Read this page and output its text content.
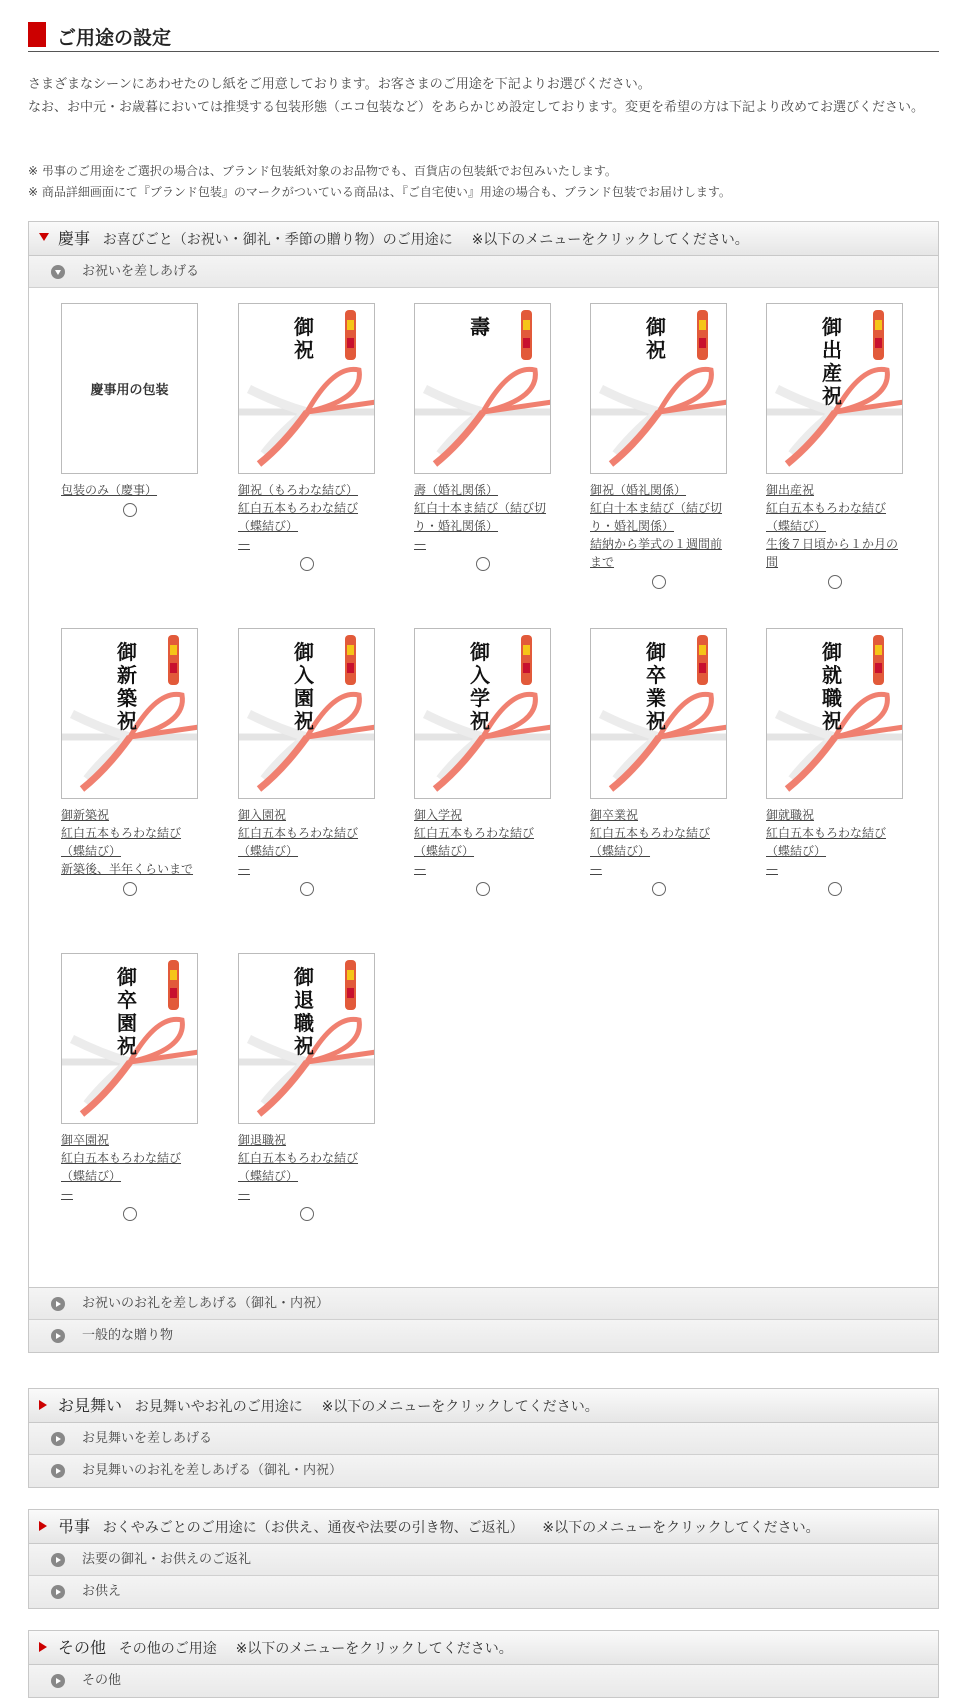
ご用途の設定
さまざまなシーンにあわせたのし紙をご用意しております。お客さまのご用途を下記よりお選びください。
なお、お中元・お歳暮においては推奨する包装形態（エコ包装など）をあらかじめ設定しております。変更を希望の方は下記より改めてお選びください。
※ 弔事のご用途をご選択の場合は、ブランド包装紙対象のお品物でも、百貨店の包装紙でお包みいたします。
※ 商品詳細画面にて『ブランド包装』のマークがついている商品は、『ご自宅使い』用途の場合も、ブランド包装でお届けします。
慶事 お喜びごと（お祝い・御礼・季節の贈り物）のご用途に ※以下のメニューをクリックしてください。
お祝いを差しあげる
慶事用の包装
包装のみ（慶事）
御祝
御祝（もろわな結び）
紅白五本もろわな結び（蝶結び）
—
壽
壽（婚礼関係）
紅白十本ま結び（結び切り・婚礼関係）
—
御祝
御祝（婚礼関係）
紅白十本ま結び（結び切り・婚礼関係）
結納から挙式の１週間前まで
御出産祝
御出産祝
紅白五本もろわな結び（蝶結び）
生後７日頃から１か月の間
御新築祝
御新築祝
紅白五本もろわな結び（蝶結び）
新築後、半年くらいまで
御入園祝
御入園祝
紅白五本もろわな結び（蝶結び）
—
御入学祝
御入学祝
紅白五本もろわな結び（蝶結び）
—
御卒業祝
御卒業祝
紅白五本もろわな結び（蝶結び）
—
御就職祝
御就職祝
紅白五本もろわな結び（蝶結び）
—
御卒園祝
御卒園祝
紅白五本もろわな結び（蝶結び）
—
御退職祝
御退職祝
紅白五本もろわな結び（蝶結び）
—
お祝いのお礼を差しあげる（御礼・内祝）
一般的な贈り物
お見舞い お見舞いやお礼のご用途に ※以下のメニューをクリックしてください。
お見舞いを差しあげる
お見舞いのお礼を差しあげる（御礼・内祝）
弔事 おくやみごとのご用途に（お供え、通夜や法要の引き物、ご返礼） ※以下のメニューをクリックしてください。
法要の御礼・お供えのご返礼
お供え
その他 その他のご用途 ※以下のメニューをクリックしてください。
その他
